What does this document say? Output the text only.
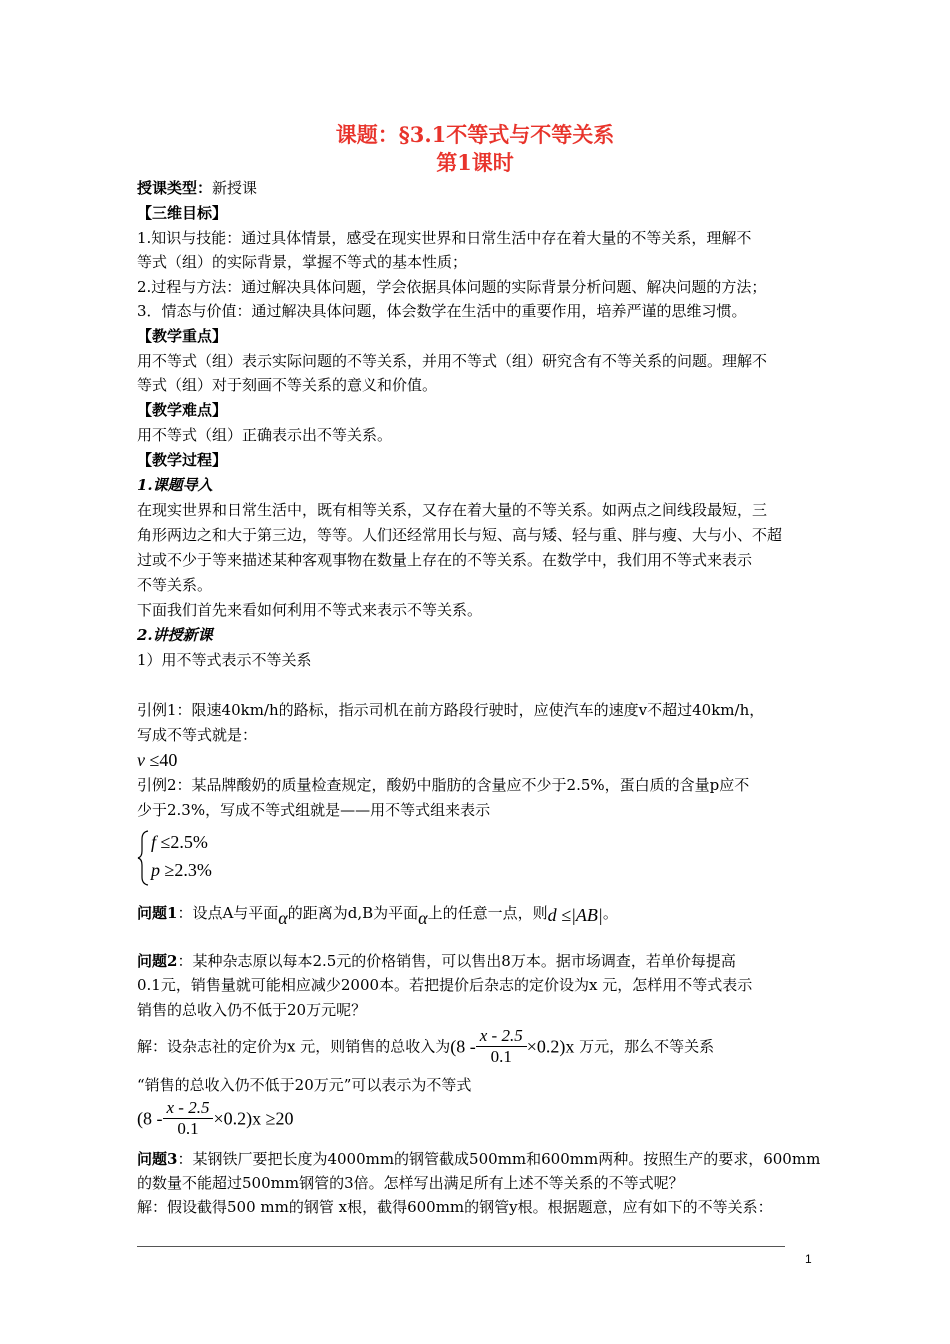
课题：§3.1不等式与不等关系
第1课时
授课类型：新授课
【三维目标】
1.知识与技能：通过具体情景，感受在现实世界和日常生活中存在着大量的不等关系，理解不
等式（组）的实际背景，掌握不等式的基本性质；
2.过程与方法：通过解决具体问题，学会依据具体问题的实际背景分析问题、解决问题的方法；
3．情态与价值：通过解决具体问题，体会数学在生活中的重要作用，培养严谨的思维习惯。
【教学重点】
用不等式（组）表示实际问题的不等关系，并用不等式（组）研究含有不等关系的问题。理解不
等式（组）对于刻画不等关系的意义和价值。
【教学难点】
用不等式（组）正确表示出不等关系。
【教学过程】
1.课题导入
在现实世界和日常生活中，既有相等关系，又存在着大量的不等关系。如两点之间线段最短，三
角形两边之和大于第三边，等等。人们还经常用长与短、高与矮、轻与重、胖与瘦、大与小、不超
过或不少于等来描述某种客观事物在数量上存在的不等关系。在数学中，我们用不等式来表示
不等关系。
下面我们首先来看如何利用不等式来表示不等关系。
2.讲授新课
1）用不等式表示不等关系
引例1：限速40km/h的路标，指示司机在前方路段行驶时，应使汽车的速度v不超过40km/h，
写成不等式就是：
v ≤40
引例2：某品牌酸奶的质量检查规定，酸奶中脂肪的含量应不少于2.5%，蛋白质的含量p应不
少于2.3%，写成不等式组就是——用不等式组来表示
f ≤2.5%
p ≥2.3%
问题1：设点A与平面α的距离为d,B为平面α上的任意一点，则d ≤|AB|。
问题2：某种杂志原以每本2.5元的价格销售，可以售出8万本。据市场调查，若单价每提高
0.1元，销售量就可能相应减少2000本。若把提价后杂志的定价设为x 元，怎样用不等式表示
销售的总收入仍不低于20万元呢？
解：设杂志社的定价为x 元，则销售的总收入为$(8 - \frac{x - 2.5}{0.1} \times 0.2)x$ 万元，那么不等关系
“销售的总收入仍不低于20万元”可以表示为不等式
$(8 - \frac{x - 2.5}{0.1} \times 0.2)x \ge 20$
问题3：某钢铁厂要把长度为4000mm的钢管截成500mm和600mm两种。按照生产的要求，600mm
的数量不能超过500mm钢管的3倍。怎样写出满足所有上述不等关系的不等式呢？
解：假设截得500 mm的钢管 x根，截得600mm的钢管y根。根据题意，应有如下的不等关系：
1
